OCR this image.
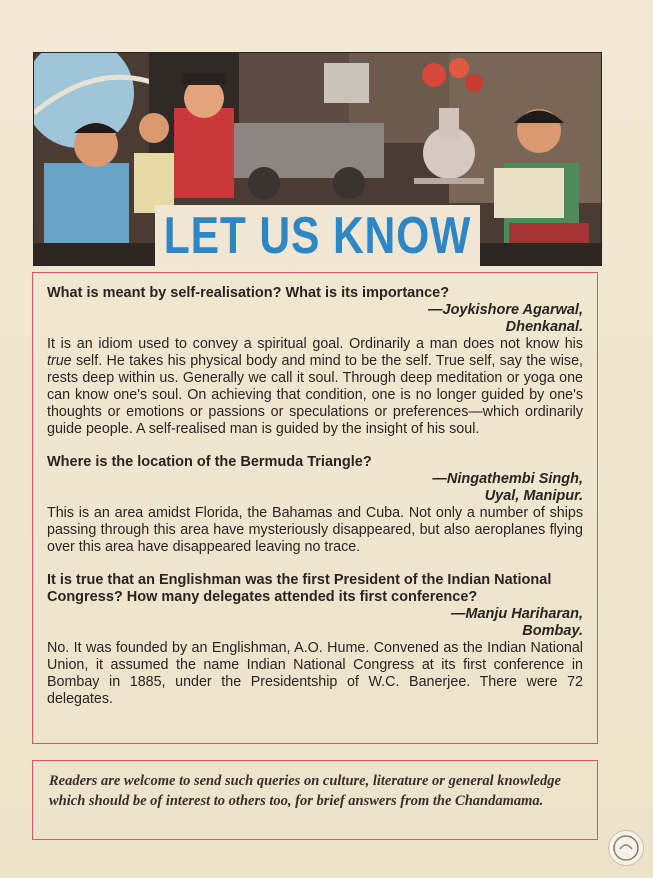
LET US KNOW
What is meant by self-realisation? What is its importance?
—Joykishore Agarwal,
Dhenkanal.
It is an idiom used to convey a spiritual goal. Ordinarily a man does not know his true self. He takes his physical body and mind to be the self. True self, say the wise, rests deep within us. Generally we call it soul. Through deep meditation or yoga one can know one's soul. On achieving that condition, one is no longer guided by one's thoughts or emotions or passions or speculations or preferences—which ordinarily guide people. A self-realised man is guided by the insight of his soul.
Where is the location of the Bermuda Triangle?
—Ningathembi Singh,
Uyal, Manipur.
This is an area amidst Florida, the Bahamas and Cuba. Not only a number of ships passing through this area have mysteriously disappeared, but also aeroplanes flying over this area have disappeared leaving no trace.
It is true that an Englishman was the first President of the Indian National Congress? How many delegates attended its first conference?
—Manju Hariharan,
Bombay.
No. It was founded by an Englishman, A.O. Hume. Convened as the Indian National Union, it assumed the name Indian National Congress at its first conference in Bombay in 1885, under the Presidentship of W.C. Banerjee. There were 72 delegates.
Readers are welcome to send such queries on culture, literature or general knowledge which should be of interest to others too, for brief answers from the Chandamama.
